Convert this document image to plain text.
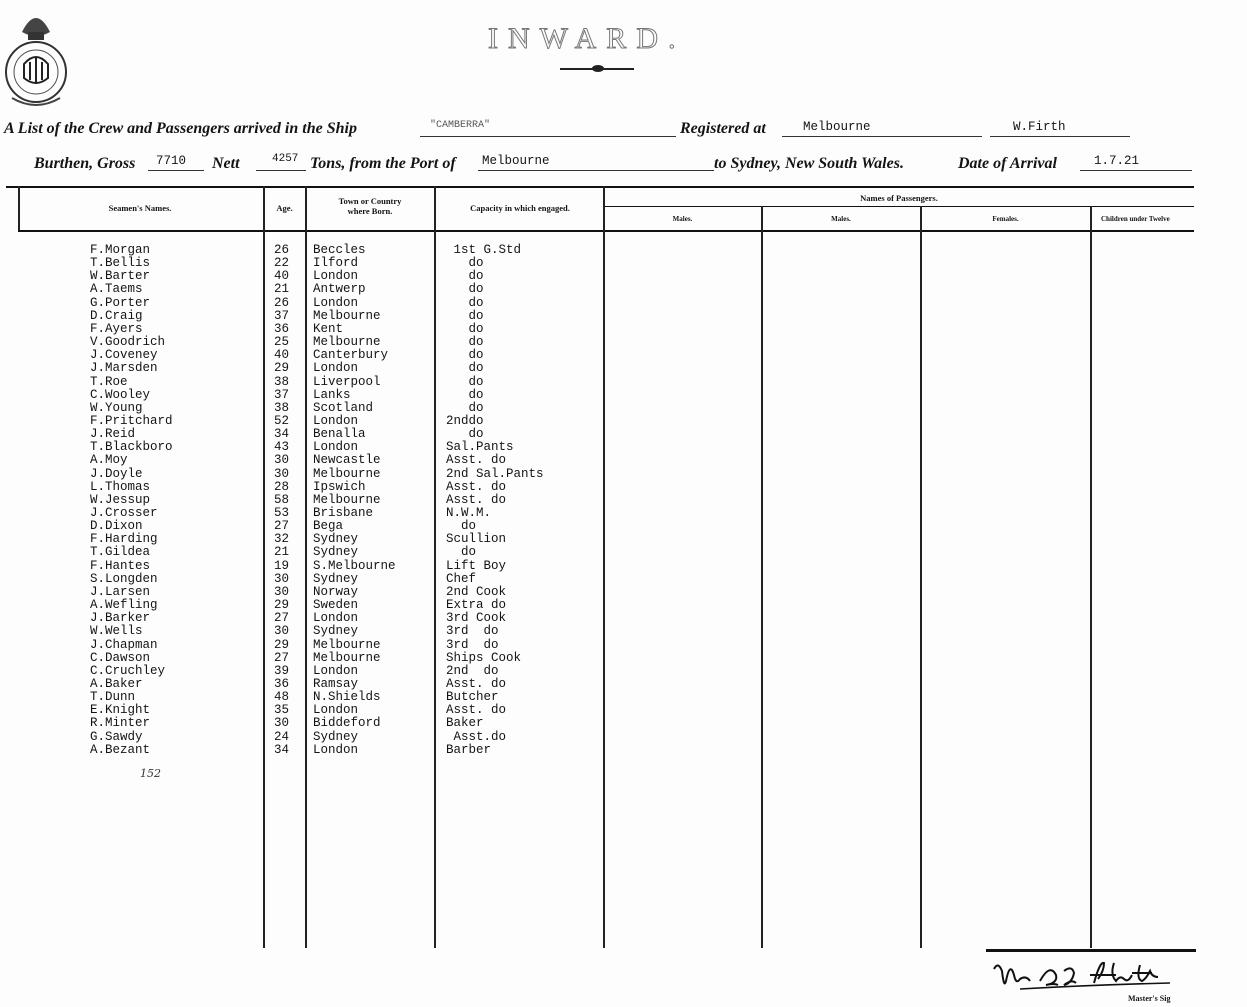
INWARD.
A List of the Crew and Passengers arrived in the Ship	"CAMBERRA"	Registered at	Melbourne	W.Firth
Burthen, Gross 7710 Nett	4257 Tons, from the Port of Melbourne	to Sydney, New South Wales.	Date of Arrival	1.7.21
Seamen's Names.	Age.
Town or Country where Born.	Capacity in which engaged.
Names of Passengers.
Males.	Males.	Females.	Children under Twelve
F.Morgan	26 Beccles	1st G.Std
T.Bellis	22 Ilford	do
W.Barter	40 London	do
A.Taems	21 Antwerp	do
G.Porter	26 London	do
D.Craig	37 Melbourne	do
F.Ayers	36 Kent	do
V.Goodrich	25 Melbourne	do
J.Coveney	40 Canterbury	do
J.Marsden	29 London	do
T.Roe	38 Liverpool	do
C.Wooley	37 Lanks	do
W.Young	38 Scotland	do
F.Pritchard	52 London	2nddo
J.Reid	34 Benalla	do
T.Blackboro	43 London	Sal.Pants
A.Moy	30 Newcastle	Asst. do
J.Doyle	30 Melbourne	2nd Sal.Pants
L.Thomas	28 Ipswich	Asst. do
W.Jessup	58 Melbourne	Asst. do
J.Crosser	53 Brisbane	N.W.M.
D.Dixon	27 Bega	do
F.Harding	32 Sydney	Scullion
T.Gildea	21 Sydney	do
F.Hantes	19 S.Melbourne	Lift Boy
S.Longden	30 Sydney	Chef
J.Larsen	30 Norway	2nd Cook
A.Wefling	29 Sweden	Extra do
J.Barker	27 London	3rd Cook
W.Wells	30 Sydney	3rd  do
J.Chapman	29 Melbourne	3rd  do
C.Dawson	27 Melbourne	Ships Cook
C.Cruchley	39 London	2nd  do
A.Baker	36 Ramsay	Asst. do
T.Dunn	48 N.Shields	Butcher
E.Knight	35 London	Asst. do
R.Minter	30 Biddeford	Baker
G.Sawdy	24 Sydney	Asst.do
A.Bezant	34 London	Barber
152
Master's Sig
